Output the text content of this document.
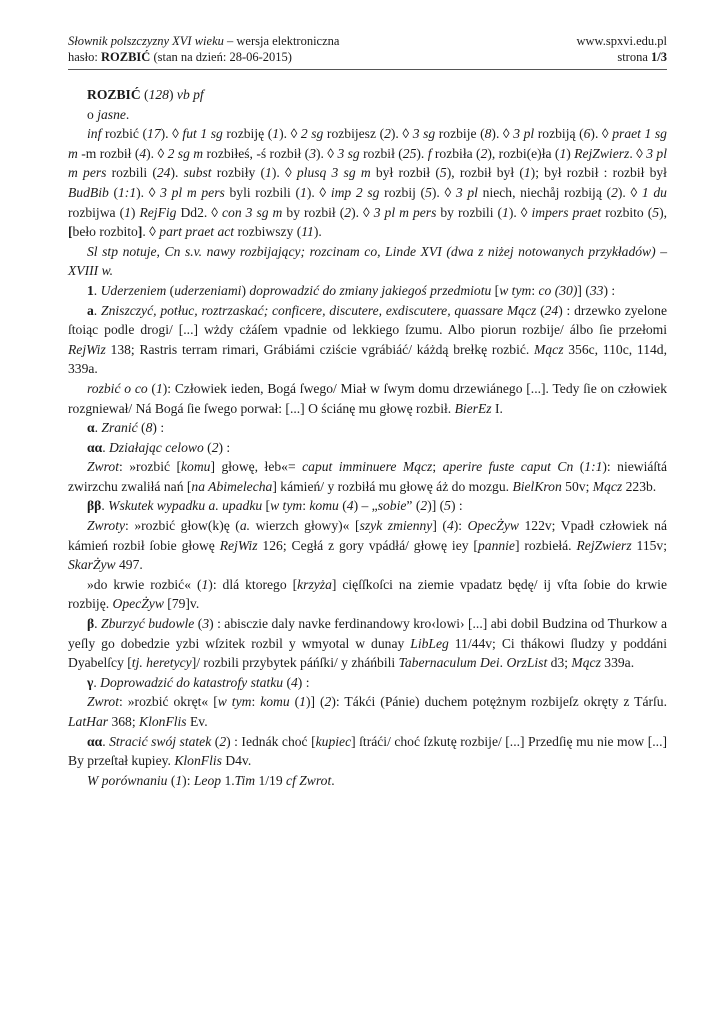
Słownik polszczyzny XVI wieku – wersja elektroniczna	www.spxvi.edu.pl
hasło: ROZBIĆ (stan na dzień: 28-06-2015)	strona 1/3

ROZBIĆ (128) vb pf

o jasne.

inf rozbić (17). ◊ fut 1 sg rozbiję (1). ◊ 2 sg rozbijesz (2). ◊ 3 sg rozbije (8). ◊ 3 pl rozbiją (6). ◊ praet 1 sg m -m rozbił (4). ◊ 2 sg m rozbiłeś, -ś rozbił (3). ◊ 3 sg rozbił (25). f rozbiła (2), rozbi(e)ła (1) RejZwierz. ◊ 3 pl m pers rozbili (24). subst rozbiły (1). ◊ plusq 3 sg m był rozbił (5), rozbił był (1); był rozbił : rozbił był BudBib (1:1). ◊ 3 pl m pers byli rozbili (1). ◊ imp 2 sg rozbij (5). ◊ 3 pl niech, niechåj rozbiją (2). ◊ 1 du rozbijwa (1) RejFig Dd2. ◊ con 3 sg m by rozbił (2). ◊ 3 pl m pers by rozbili (1). ◊ impers praet rozbito (5), [beło rozbito]. ◊ part praet act rozbiwszy (11).

Sl stp notuje, Cn s.v. nawy rozbijający; rozcinam co, Linde XVI (dwa z niżej notowanych przykładów) – XVIII w.

1. Uderzeniem (uderzeniami) doprowadzić do zmiany jakiegoś przedmiotu [w tym: co (30)] (33) :

a. Zniszczyć, potłuc, roztrzaskać; conficere, discutere, exdiscutere, quassare Mącz (24) : drzewko zyelone ſtoiąc podle drogi/ [...] wżdy cżáſem vpadnie od lekkiego ſzumu. Albo piorun rozbije/ álbo ſie przełomi RejWiz 138; Rastris terram rimari, Grábiámi cziście vgrábiáć/ káżdą brełkę rozbić. Mącz 356c, 110c, 114d, 339a.

rozbić o co (1): Człowiek ieden, Bogá ſwego/ Miał w ſwym domu drzewiánego [...]. Tedy ſie on człowiek rozgniewał/ Ná Bogá ſie ſwego porwał: [...] O ściánę mu głowę rozbił. BierEz I.

α. Zranić (8) :

αα. Działając celowo (2) :

Zwrot: »rozbić [komu] głowę, łeb«= caput imminuere Mącz; aperire fuste caput Cn (1:1): niewiáſtá zwirzchu zwaliłá nań [na Abimelecha] kámień/ y rozbiłá mu głowę áż do mozgu. BielKron 50v; Mącz 223b.

ββ. Wskutek wypadku a. upadku [w tym: komu (4) – „sobie” (2)] (5) :

Zwroty: »rozbić głow(k)ę (a. wierzch głowy)« [szyk zmienny] (4): OpecŻyw 122v; Vpadł człowiek ná kámień rozbił ſobie głowę RejWiz 126; Cegłá z gory vpádłá/ głowę iey [pannie] rozbiełá. RejZwierz 115v; SkarŻyw 497.

»do krwie rozbić« (1): dlá ktorego [krzyża] cięſſkoſci na ziemie vpadatz będę/ ij vſta ſobie do krwie rozbiję. OpecŻyw [79]v.

β. Zburzyć budowle (3) : abisczie daly navke ferdinandowy kro‹lowi› [...] abi dobil Budzina od Thurkow a yeſly go dobedzie yzbi wſzitek rozbil y wmyotal w dunay LibLeg 11/44v; Ci thákowi ſludzy y poddáni Dyabelſcy [tj. heretycy]/ rozbili przybytek páńſki/ y zháńbili Tabernaculum Dei. OrzList d3; Mącz 339a.

γ. Doprowadzić do katastrofy statku (4) :

Zwrot: »rozbić okręt« [w tym: komu (1)] (2): Tákći (Pánie) duchem potężnym rozbijeſz okręty z Tárſu. LatHar 368; KlonFlis Ev.

αα. Stracić swój statek (2) : Iednák choć [kupiec] ſtráći/ choć ſzkutę rozbije/ [...] Przedſię mu nie mow [...] By przeſtał kupiey. KlonFlis D4v.

W porównaniu (1): Leop 1.Tim 1/19 cf Zwrot.
